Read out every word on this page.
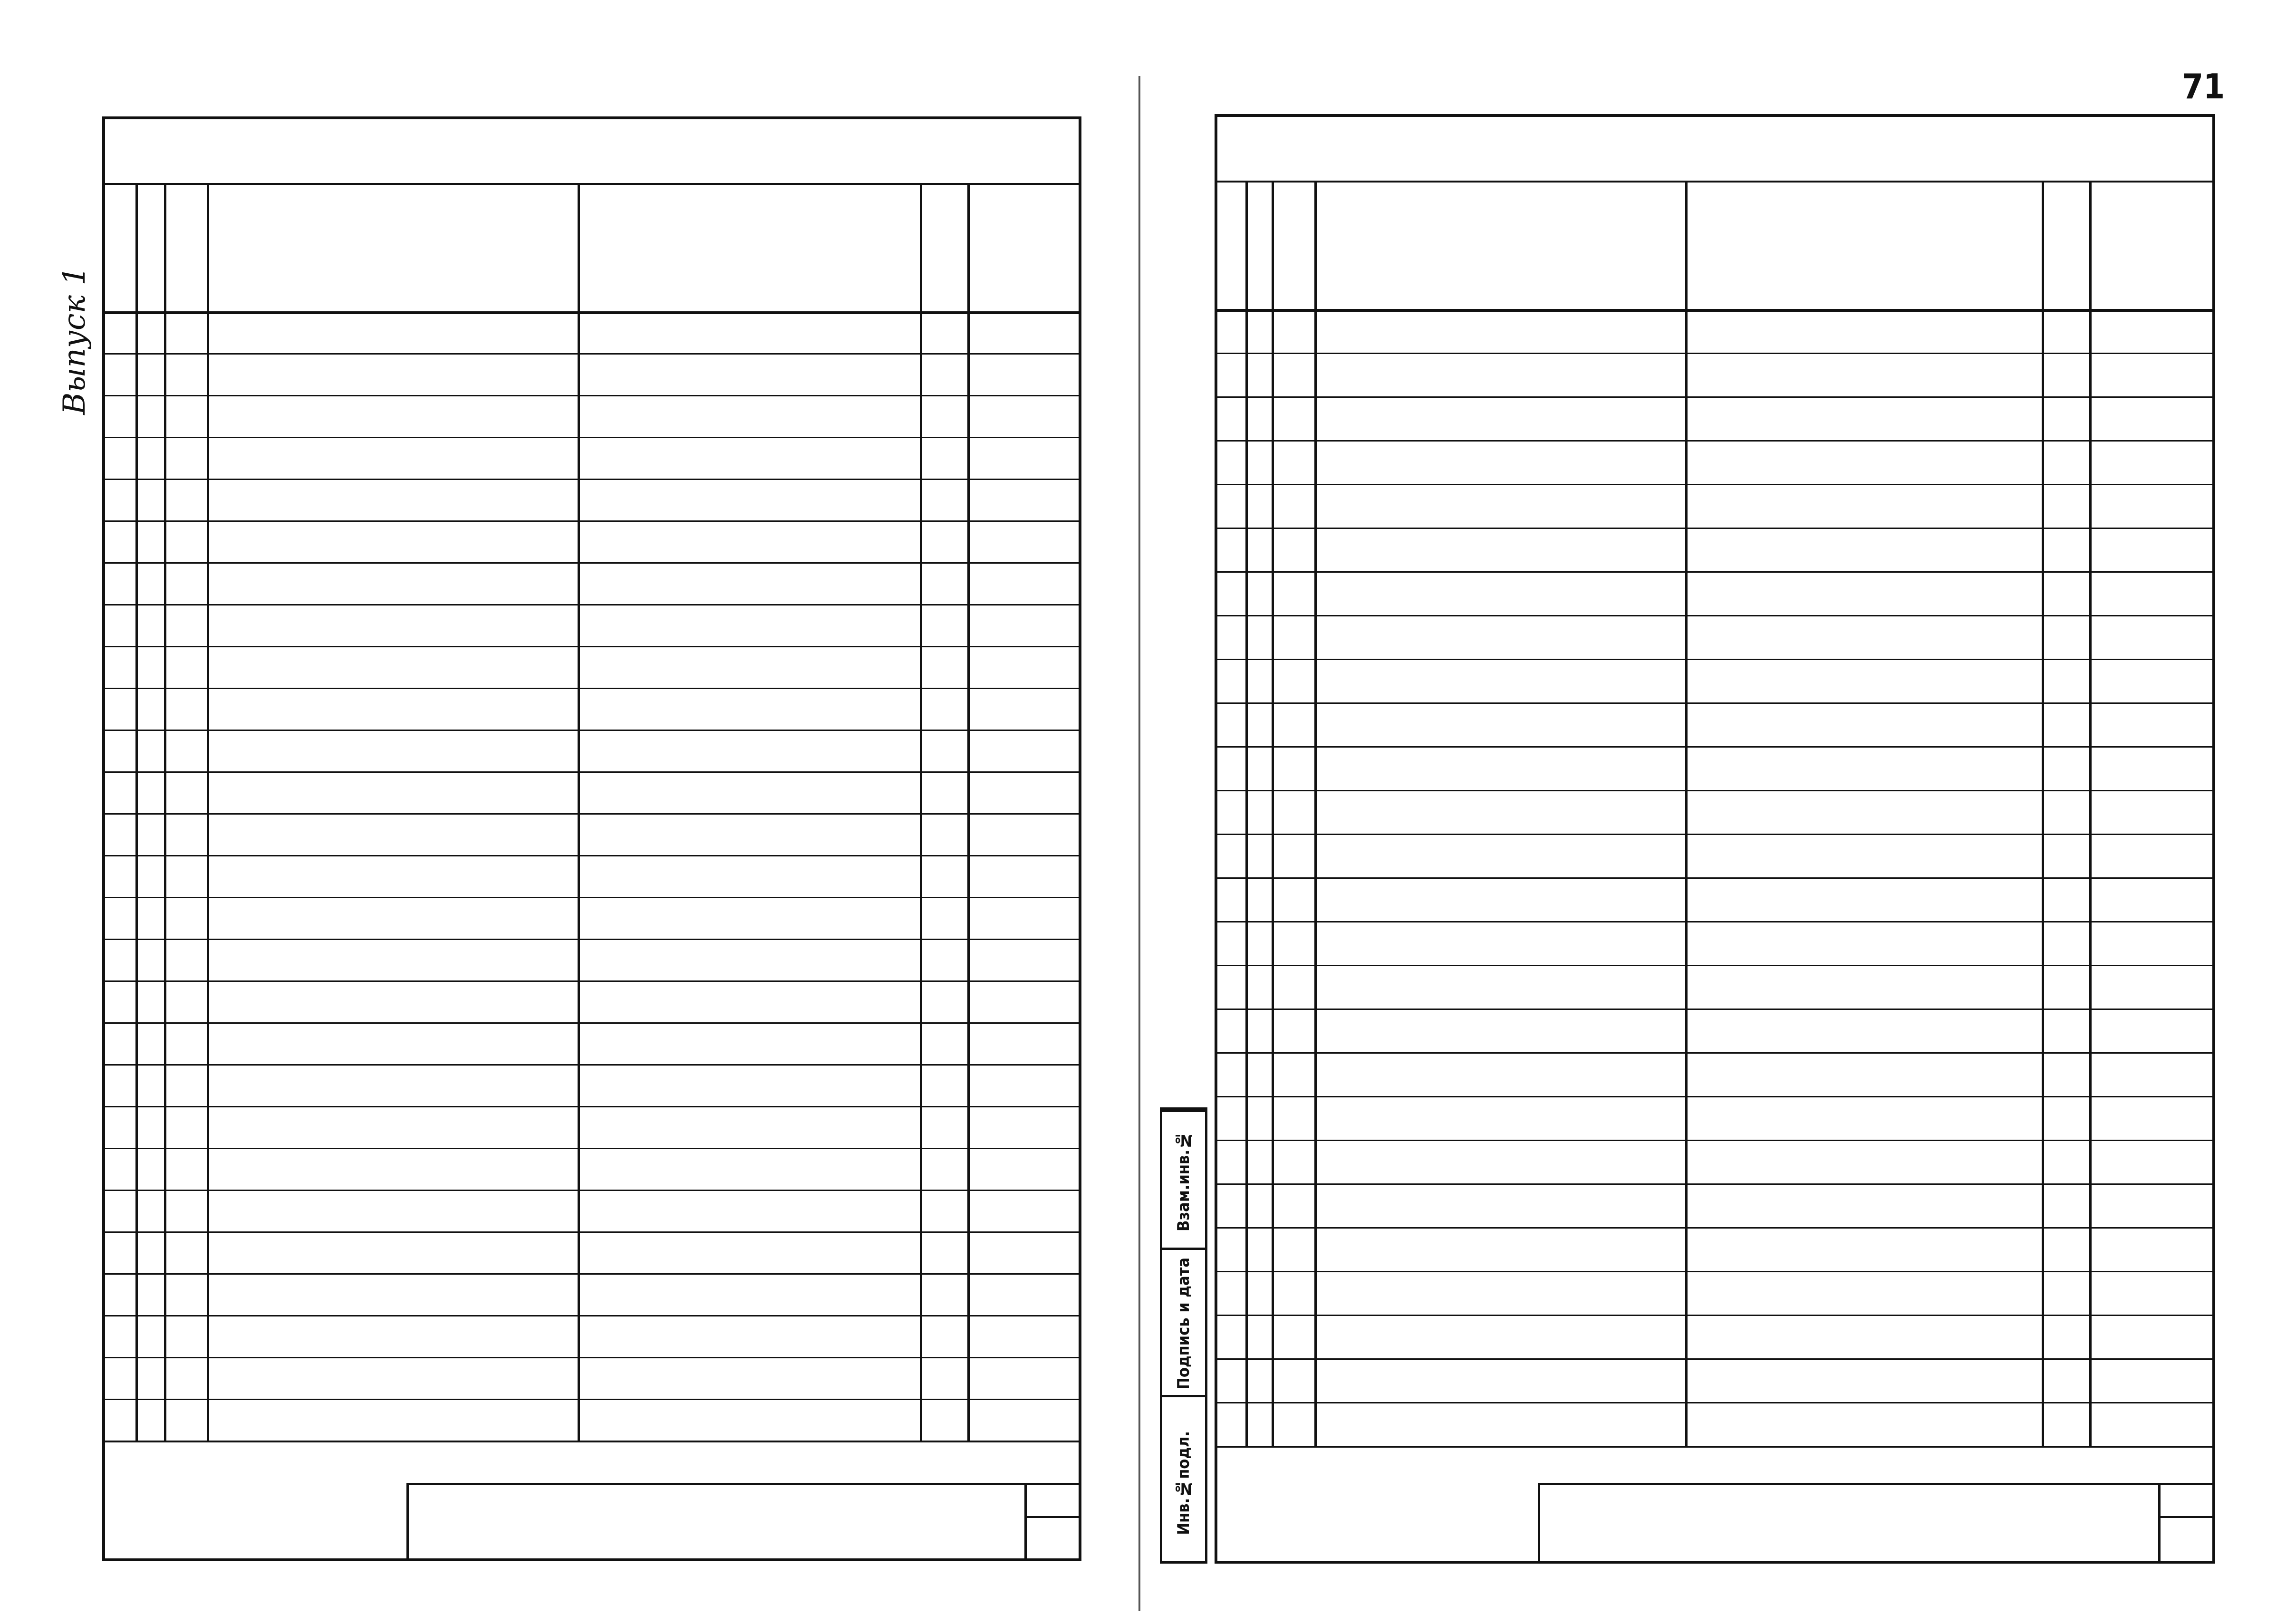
71
Выпуск 1
Инв.№подл.
Подпись и дата
Взам.инв.№
